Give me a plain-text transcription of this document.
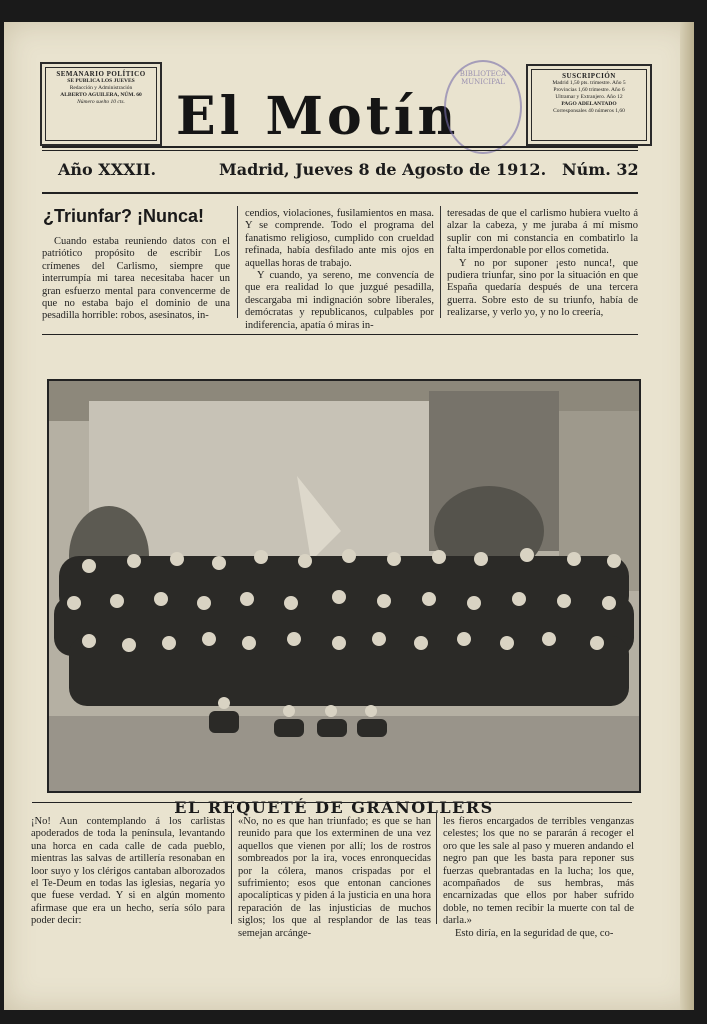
SEMANARIO POLÍTICO
SE PUBLICA LOS JUEVES
Redacción y Administración
ALBERTO AGUILERA, NÚM. 60
Número suelto 10 cts. El Motín
BIBLIOTECA MUNICIPAL
SUSCRIPCIÓN
Madrid 1,50 pts. trimestre. Año 5
Provincias 1,60 trimestre. Año 6
Ultramar y Extranjero. Año 12
PAGO ADELANTADO
Corresponsales 40 números 1,60
Año XXXII.	Madrid, Jueves 8 de Agosto de 1912. Núm. 32
¿Triunfar? ¡Nunca!

Cuando estaba reuniendo datos con el patriótico propósito de escribir Los crímenes del Carlismo, siempre que interrumpía mi tarea necesitaba hacer un gran esfuerzo mental para convencerme de que no estaba bajo el dominio de una pesadilla horrible: robos, asesinatos, in-

cendios, violaciones, fusilamientos en masa. Y se comprende. Todo el programa del fanatismo religioso, cumplido con crueldad refinada, había desfilado ante mis ojos en aquellas horas de trabajo.

Y cuando, ya sereno, me convencía de que era realidad lo que juzgué pesadilla, descargaba mi indignación sobre liberales, demócratas y republicanos, culpables por indiferencia, apatía ó miras in-

teresadas de que el carlismo hubiera vuelto á alzar la cabeza, y me juraba á mí mismo suplir con mi constancia en combatirlo la falta imperdonable por ellos cometida.

Y no por suponer ¡esto nunca!, que pudiera triunfar, sino por la situación en que España quedaría después de una tercera guerra. Sobre esto de su triunfo, había de realizarse, y verlo yo, y no lo creería,

EL REQUETÉ DE GRANOLLERS

¡No! Aun contemplando á los carlistas apoderados de toda la península, levantando una horca en cada calle de cada pueblo, mientras las salvas de artillería resonaban en loor suyo y los clérigos cantaban alborozados el Te-Deum en todas las iglesias, negaría yo que fuese verdad. Y si en algún momento afirmase que era un hecho, sería sólo para poder decir:

«No, no es que han triunfado; es que se han reunido para que los exterminen de una vez aquellos que vienen por allí; los de rostros sombreados por la ira, voces enronquecidas por la cólera, manos crispadas por el sufrimiento; esos que entonan canciones apocalípticas y piden á la justicia en una hora reparación de las injusticias de muchos siglos; los que al resplandor de las teas semejan arcánge-

les fieros encargados de terribles venganzas celestes; los que no se pararán á recoger el oro que les sale al paso y mueren andando el negro pan que les basta para reponer sus fuerzas quebrantadas en la lucha; los que, acompañados de sus hembras, más encarnizadas que ellos por haber sufrido doble, no temen recibir la muerte con tal de darla.»

Esto diría, en la seguridad de que, co-
